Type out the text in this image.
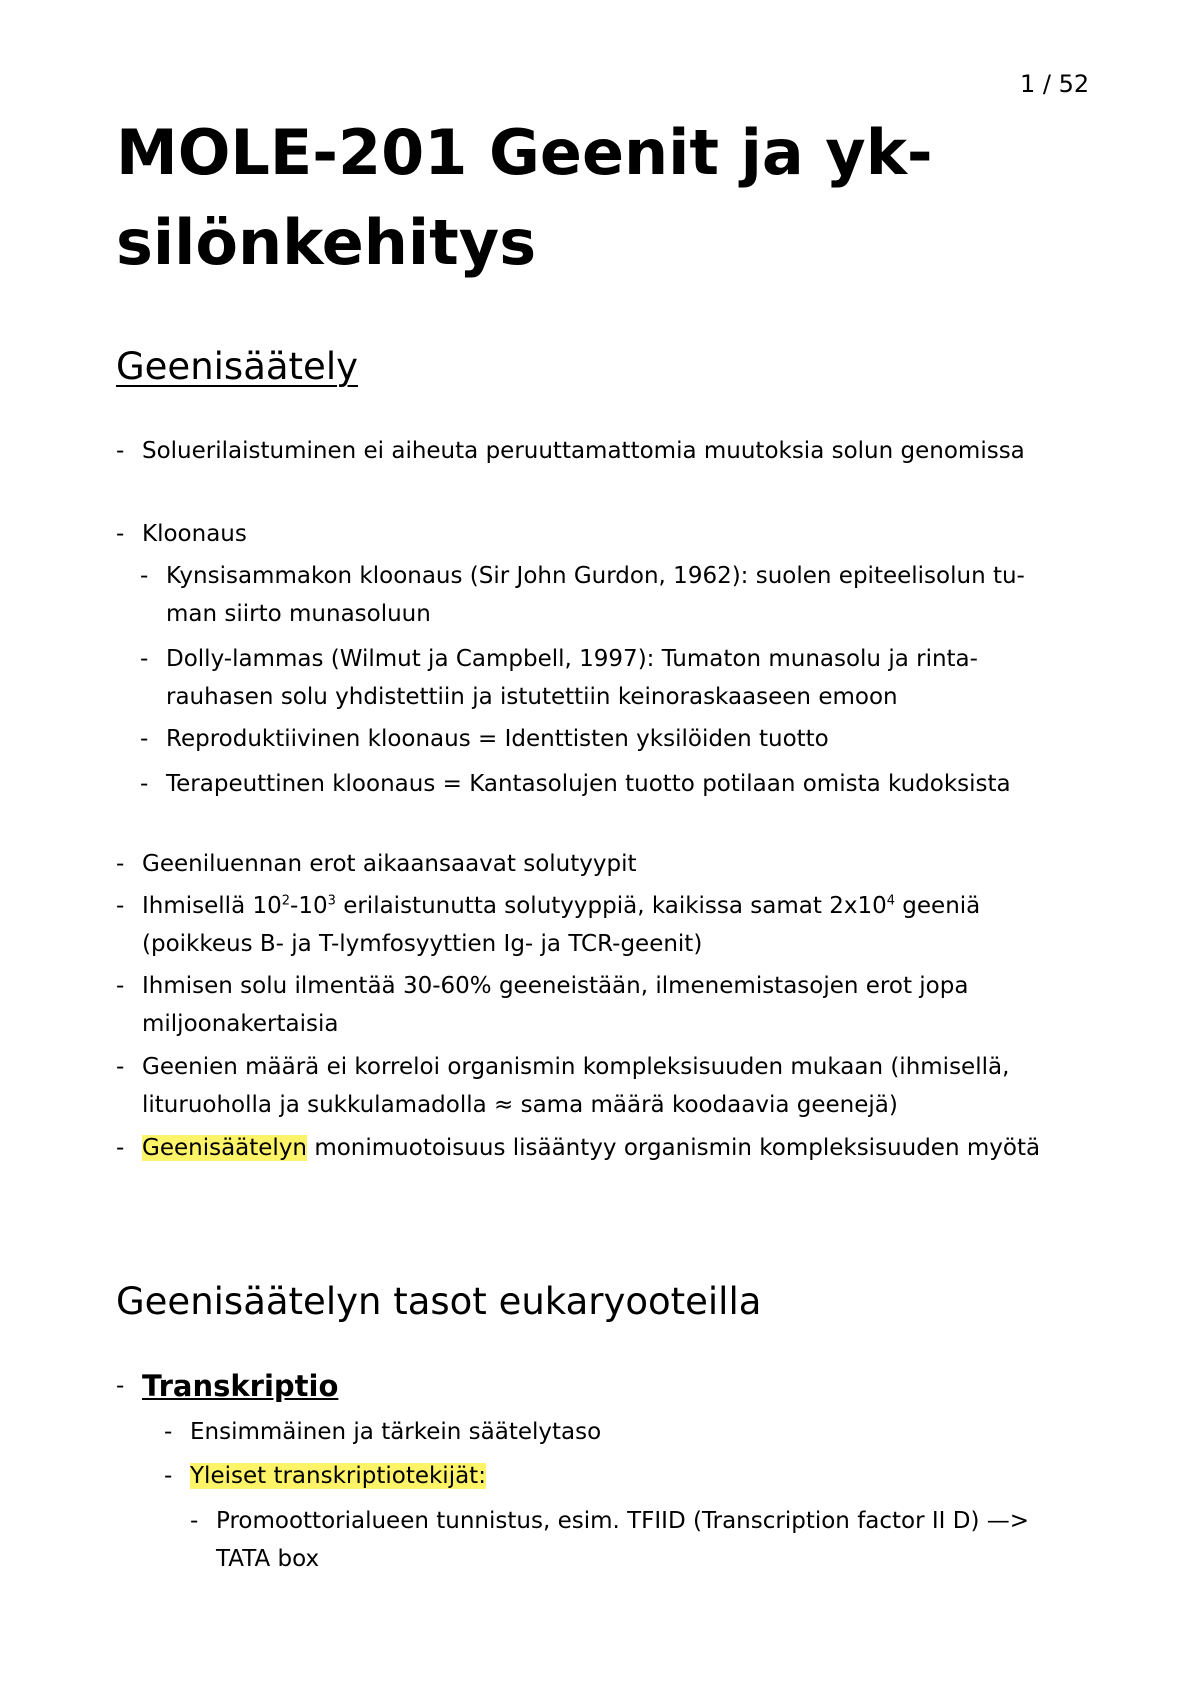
1 / 52
MOLE-201 Geenit ja yk-
silönkehitys
Geenisäätely
- Soluerilaistuminen ei aiheuta peruuttamattomia muutoksia solun genomissa
- Kloonaus
- Kynsisammakon kloonaus (Sir John Gurdon, 1962): suolen epiteelisolun tu-
man siirto munasoluun
- Dolly-lammas (Wilmut ja Campbell, 1997): Tumaton munasolu ja rinta-
rauhasen solu yhdistettiin ja istutettiin keinoraskaaseen emoon
- Reproduktiivinen kloonaus = Identtisten yksilöiden tuotto
- Terapeuttinen kloonaus = Kantasolujen tuotto potilaan omista kudoksista
- Geeniluennan erot aikaansaavat solutyypit
- Ihmisellä $10^2-10^3$ erilaistunutta solutyyppiä, kaikissa samat $2x10^4$ geeniä
(poikkeus B- ja T-lymfosyyttien Ig- ja TCR-geenit)
- Ihmisen solu ilmentää 30-60% geeneistään, ilmenemistasojen erot jopa
miljoonakertaisia
- Geenien määrä ei korreloi organismin kompleksisuuden mukaan (ihmisellä,
lituruoholla ja sukkulamadolla ≈ sama määrä koodaavia geenejä)
- Geenisäätelyn monimuotoisuus lisääntyy organismin kompleksisuuden myötä
Geenisäätelyn tasot eukaryooteilla
- Transkriptio
- Ensimmäinen ja tärkein säätelytaso
- Yleiset transkriptiotekijät:
- Promoottorialueen tunnistus, esim. TFIID (Transcription factor II D) —>
TATA box
